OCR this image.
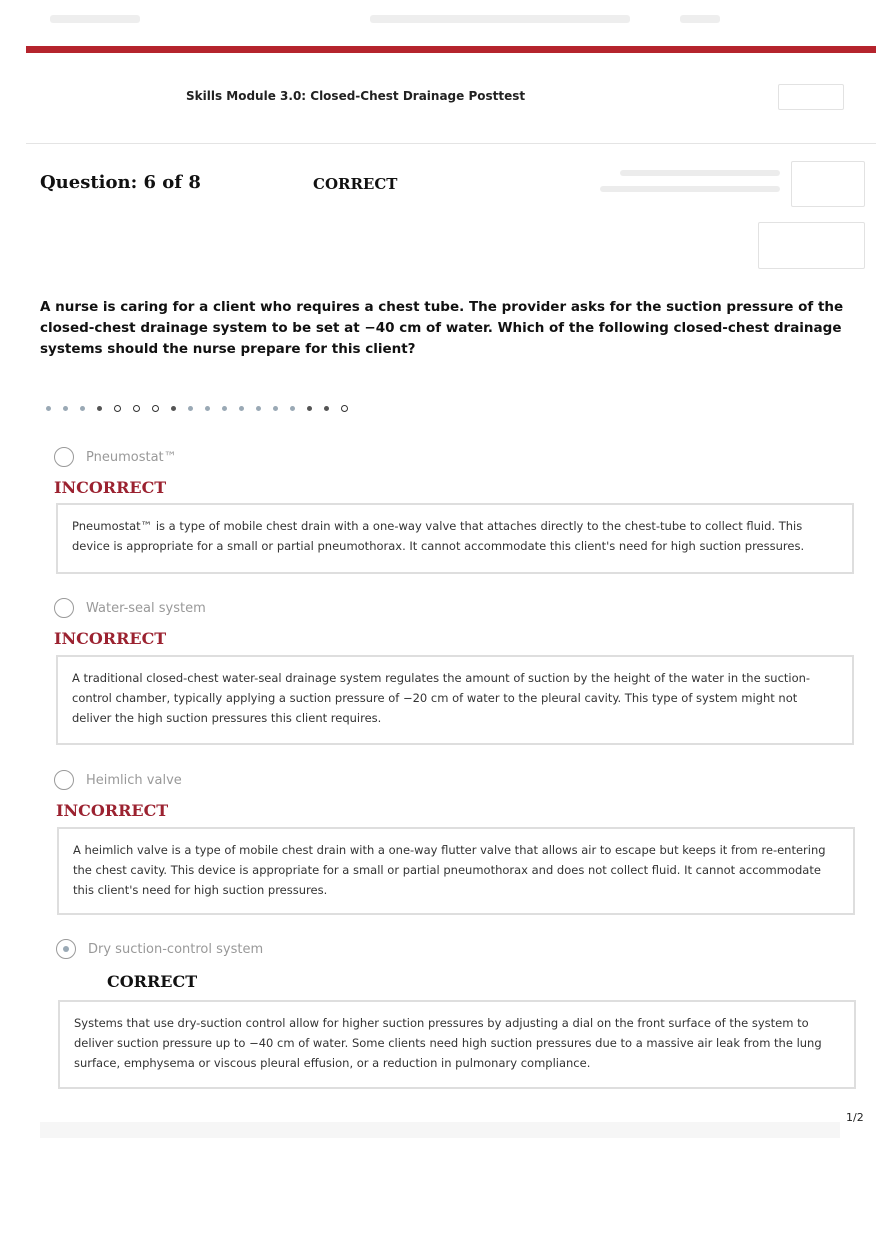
Skills Module 3.0: Closed-Chest Drainage Posttest
Question: 6 of 8	CORRECT
A nurse is caring for a client who requires a chest tube. The provider asks for the suction pressure of the closed-chest drainage system to be set at −40 cm of water. Which of the following closed-chest drainage systems should the nurse prepare for this client?
Pneumostat™
INCORRECT
Pneumostat™ is a type of mobile chest drain with a one-way valve that attaches directly to the chest-tube to collect fluid. This device is appropriate for a small or partial pneumothorax. It cannot accommodate this client's need for high suction pressures.
Water-seal system
INCORRECT
A traditional closed-chest water-seal drainage system regulates the amount of suction by the height of the water in the suction-control chamber, typically applying a suction pressure of −20 cm of water to the pleural cavity. This type of system might not deliver the high suction pressures this client requires.
Heimlich valve
INCORRECT
A heimlich valve is a type of mobile chest drain with a one-way flutter valve that allows air to escape but keeps it from re-entering the chest cavity. This device is appropriate for a small or partial pneumothorax and does not collect fluid. It cannot accommodate this client's need for high suction pressures.
Dry suction-control system
CORRECT
Systems that use dry-suction control allow for higher suction pressures by adjusting a dial on the front surface of the system to deliver suction pressure up to −40 cm of water. Some clients need high suction pressures due to a massive air leak from the lung surface, emphysema or viscous pleural effusion, or a reduction in pulmonary compliance.
1/2
